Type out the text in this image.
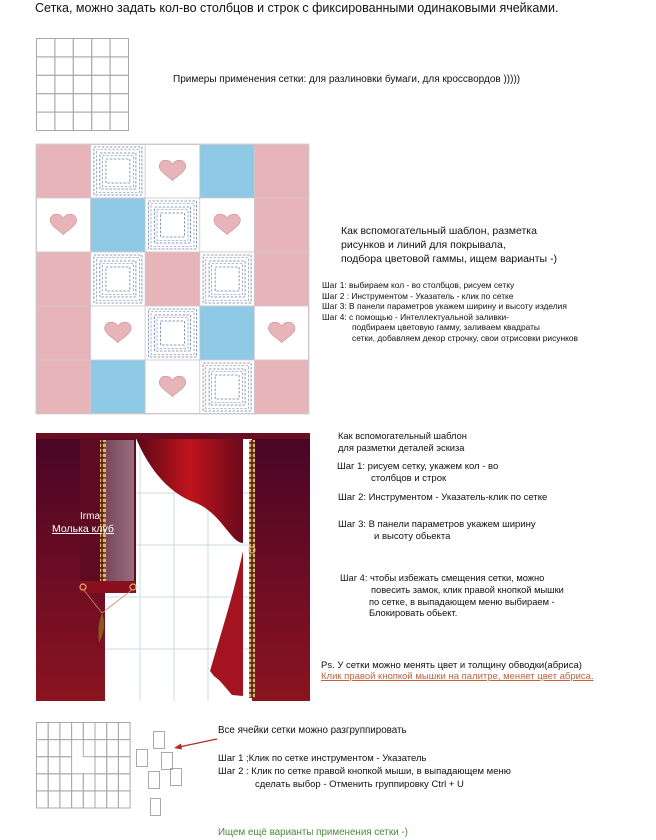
Сетка, можно задать кол-во столбцов и строк с фиксированными одинаковыми ячейками.
Примеры применения сетки: для разлиновки бумаги, для кроссвордов )))))
Как вспомогательный шаблон, разметка
рисунков и линий для покрывала,
подбора цветовой гаммы, ищем варианты -)
Шаг 1: выбираем кол - во столбцов, рисуем сетку
Шаг 2 : Инструментом - Указатель - клик по сетке
Шаг 3: В панели параметров укажем ширину и высоту изделия
Шаг 4: с помощью - Интеллектуальной заливки-
подбираем цветовую гамму, заливаем квадраты
сетки, добавляем декор строчку, свои отрисовки рисунков
Irma
Молька клуб
Как вспомогательный шаблон
для разметки деталей эскиза
Шаг 1: рисуем сетку, укажем кол - во
столбцов и строк
Шаг 2: Инструментом - Указатель-клик по сетке
Шаг 3: В панели параметров укажем ширину
и высоту обьекта
Шаг 4: чтобы избежать смещения сетки, можно
повесить замок, клик правой кнопкой мышки
по сетке, в выпадающем меню выбираем -
Блокировать обьект.
Ps. У сетки можно менять цвет и толщину обводки(абриса)
Клик правой кнопкой мышки на палитре, меняет цвет абриса.
Все ячейки сетки можно разгруппировать
Шаг 1 ;Клик по сетке инструментом - Указатель
Шаг 2 : Клик по сетке правой кнопкой мыши, в выпадающем меню
сделать выбор - Отменить группировку Ctrl + U
Ищем ещё варианты применения сетки -)
